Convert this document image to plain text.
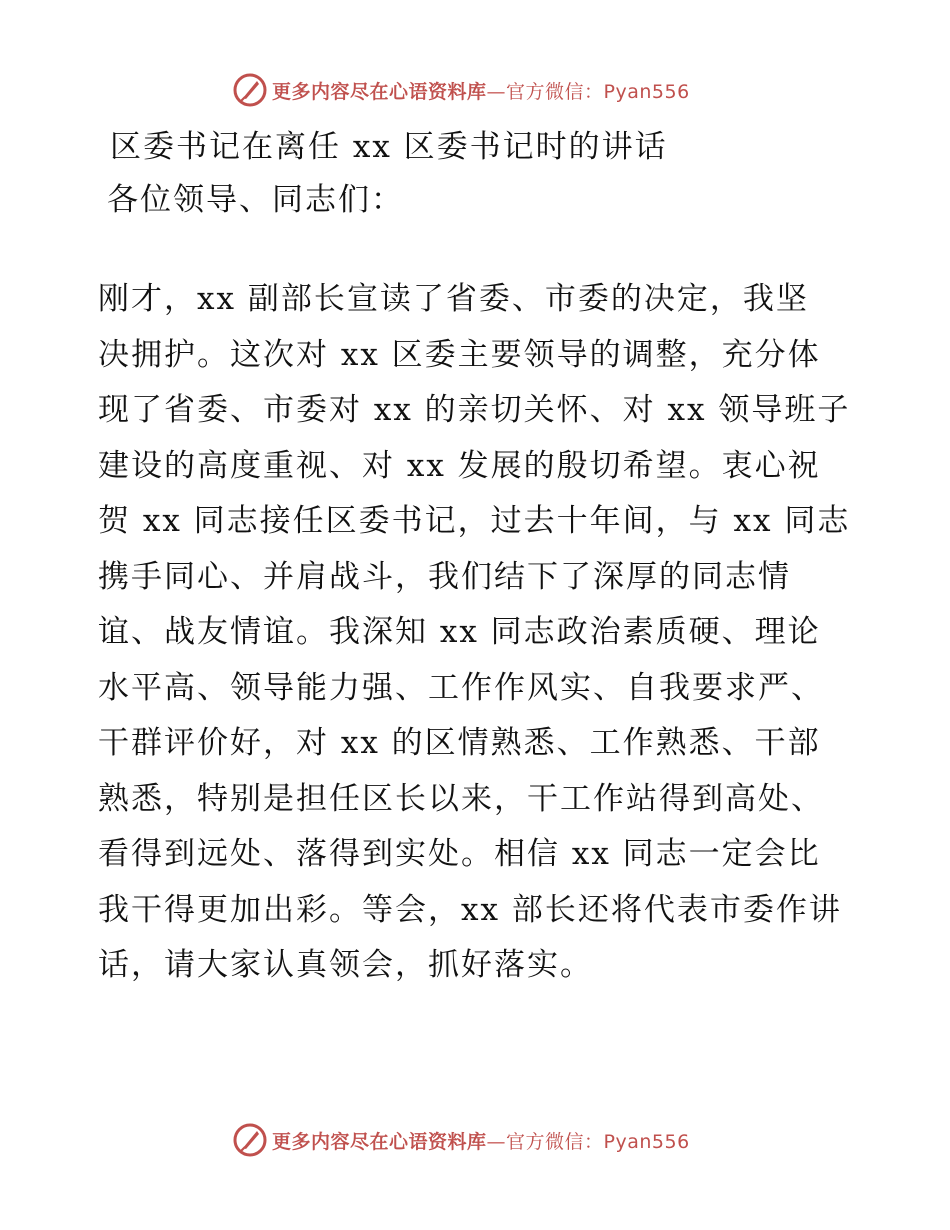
更多内容尽在心语资料库—官方微信：Pyan556
区委书记在离任 xx 区委书记时的讲话
各位领导、同志们：
刚才，xx 副部长宣读了省委、市委的决定，我坚
决拥护。这次对 xx 区委主要领导的调整，充分体
现了省委、市委对 xx 的亲切关怀、对 xx 领导班子
建设的高度重视、对 xx 发展的殷切希望。衷心祝
贺 xx 同志接任区委书记，过去十年间，与 xx 同志
携手同心、并肩战斗，我们结下了深厚的同志情
谊、战友情谊。我深知 xx 同志政治素质硬、理论
水平高、领导能力强、工作作风实、自我要求严、
干群评价好，对 xx 的区情熟悉、工作熟悉、干部
熟悉，特别是担任区长以来，干工作站得到高处、
看得到远处、落得到实处。相信 xx 同志一定会比
我干得更加出彩。等会，xx 部长还将代表市委作讲
话，请大家认真领会，抓好落实。
更多内容尽在心语资料库—官方微信：Pyan556
